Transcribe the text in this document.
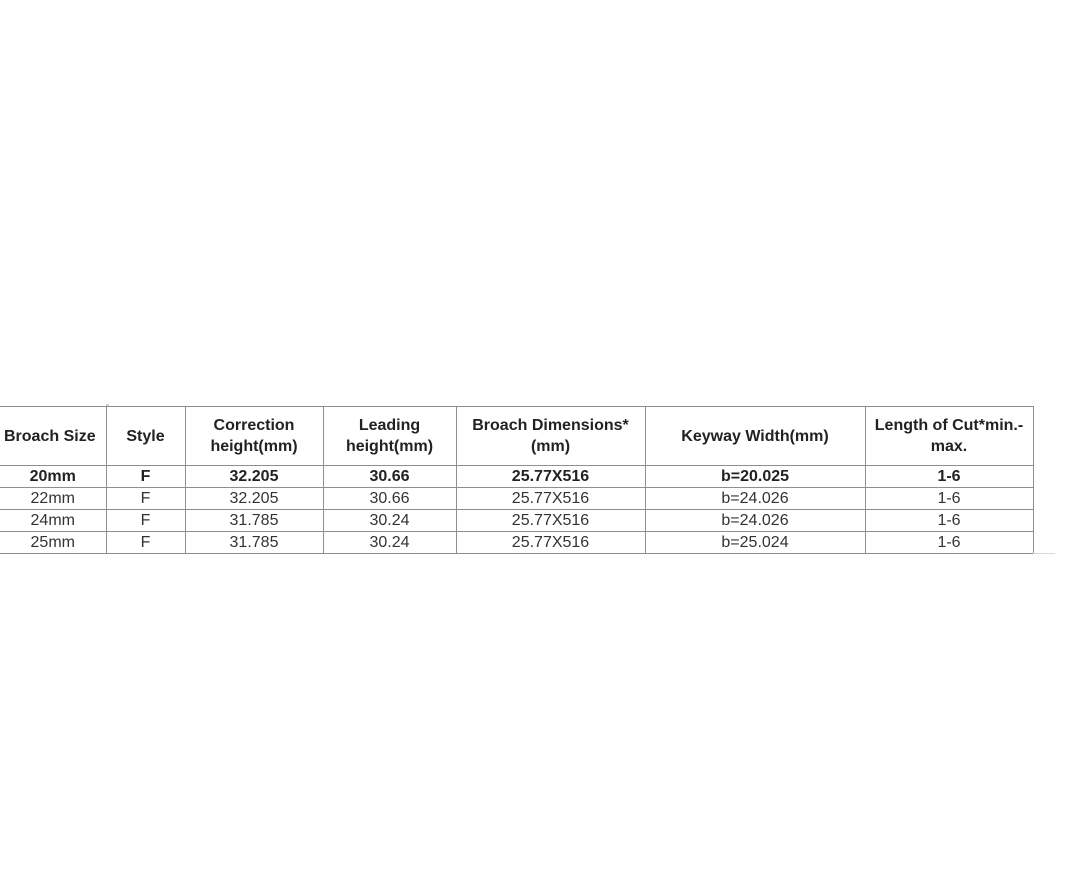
Broach Size	Style	Correction height(mm)	Leading height(mm)	Broach Dimensions* (mm)	Keyway Width(mm)	Length of Cut*min.-max.
20mm	F	32.205	30.66	25.77X516	b=20.025	1-6
22mm	F	32.205	30.66	25.77X516	b=24.026	1-6
24mm	F	31.785	30.24	25.77X516	b=24.026	1-6
25mm	F	31.785	30.24	25.77X516	b=25.024	1-6
